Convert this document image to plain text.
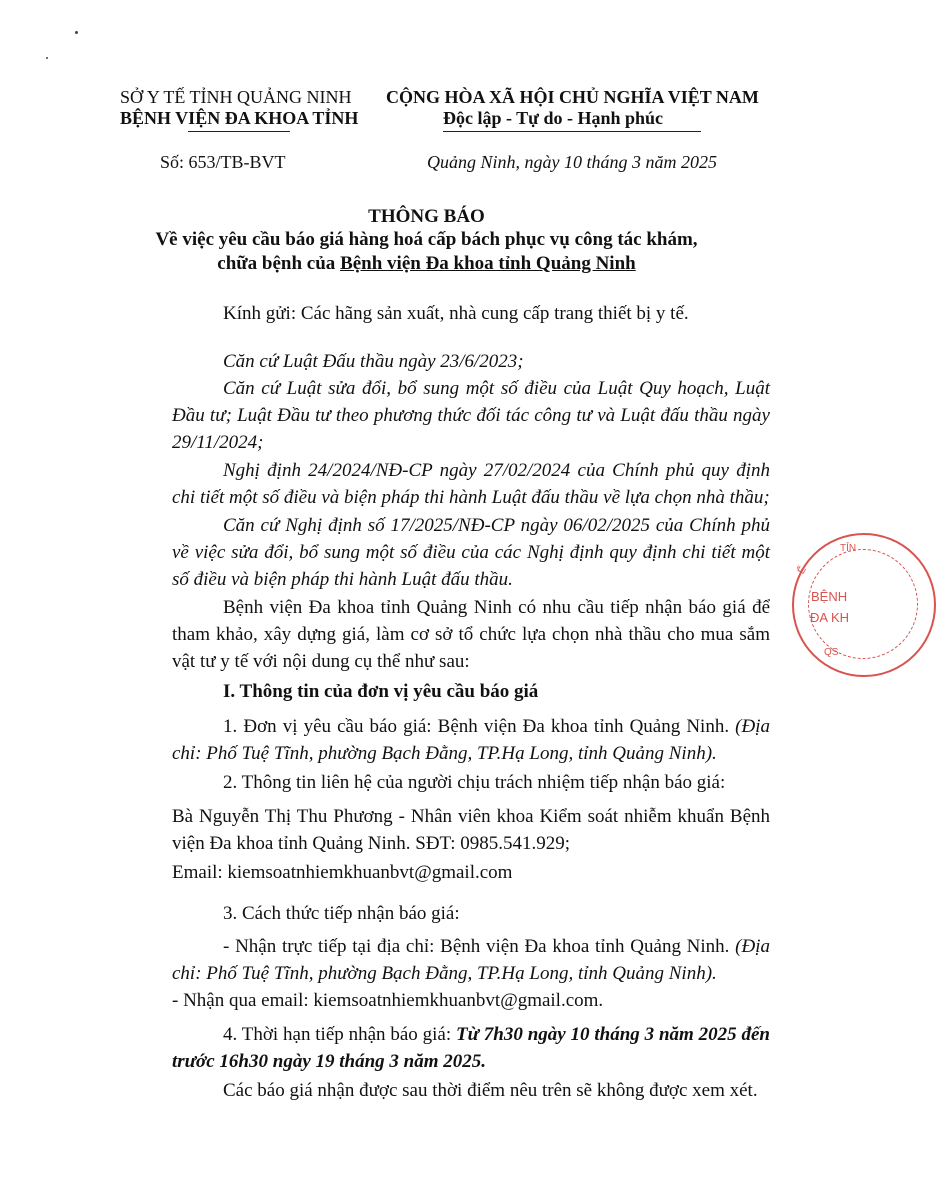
SỞ Y TẾ TỈNH QUẢNG NINH
BỆNH VIỆN ĐA KHOA TỈNH
CỘNG HÒA XÃ HỘI CHỦ NGHĨA VIỆT NAM
Độc lập - Tự do - Hạnh phúc
Số: 653/TB-BVT	Quảng Ninh, ngày 10 tháng 3 năm 2025
THÔNG BÁO
Về việc yêu cầu báo giá hàng hoá cấp bách phục vụ công tác khám,
chữa bệnh của Bệnh viện Đa khoa tỉnh Quảng Ninh
Kính gửi: Các hãng sản xuất, nhà cung cấp trang thiết bị y tế.
Căn cứ Luật Đấu thầu ngày 23/6/2023;
Căn cứ Luật sửa đổi, bổ sung một số điều của Luật Quy hoạch, Luật Đầu tư; Luật Đầu tư theo phương thức đối tác công tư và Luật đấu thầu ngày 29/11/2024;
Nghị định 24/2024/NĐ-CP ngày 27/02/2024 của Chính phủ quy định chi tiết một số điều và biện pháp thi hành Luật đấu thầu về lựa chọn nhà thầu;
Căn cứ Nghị định số 17/2025/NĐ-CP ngày 06/02/2025 của Chính phủ về việc sửa đổi, bổ sung một số điều của các Nghị định quy định chi tiết một số điều và biện pháp thi hành Luật đấu thầu.
Bệnh viện Đa khoa tỉnh Quảng Ninh có nhu cầu tiếp nhận báo giá để tham khảo, xây dựng giá, làm cơ sở tổ chức lựa chọn nhà thầu cho mua sắm vật tư y tế với nội dung cụ thể như sau:
I. Thông tin của đơn vị yêu cầu báo giá
1. Đơn vị yêu cầu báo giá: Bệnh viện Đa khoa tỉnh Quảng Ninh. (Địa chỉ: Phố Tuệ Tĩnh, phường Bạch Đằng, TP.Hạ Long, tỉnh Quảng Ninh).
2. Thông tin liên hệ của người chịu trách nhiệm tiếp nhận báo giá:
Bà Nguyễn Thị Thu Phương - Nhân viên khoa Kiểm soát nhiễm khuẩn Bệnh viện Đa khoa tỉnh Quảng Ninh. SĐT: 0985.541.929;
Email: kiemsoatnhiemkhuanbvt@gmail.com
3. Cách thức tiếp nhận báo giá:
- Nhận trực tiếp tại địa chỉ: Bệnh viện Đa khoa tỉnh Quảng Ninh. (Địa chỉ: Phố Tuệ Tĩnh, phường Bạch Đằng, TP.Hạ Long, tỉnh Quảng Ninh).
- Nhận qua email: kiemsoatnhiemkhuanbvt@gmail.com.
4. Thời hạn tiếp nhận báo giá: Từ 7h30 ngày 10 tháng 3 năm 2025 đến trước 16h30 ngày 19 tháng 3 năm 2025.
Các báo giá nhận được sau thời điểm nêu trên sẽ không được xem xét.
TỈN
Ế
BỆNH
ĐA KH
QS
